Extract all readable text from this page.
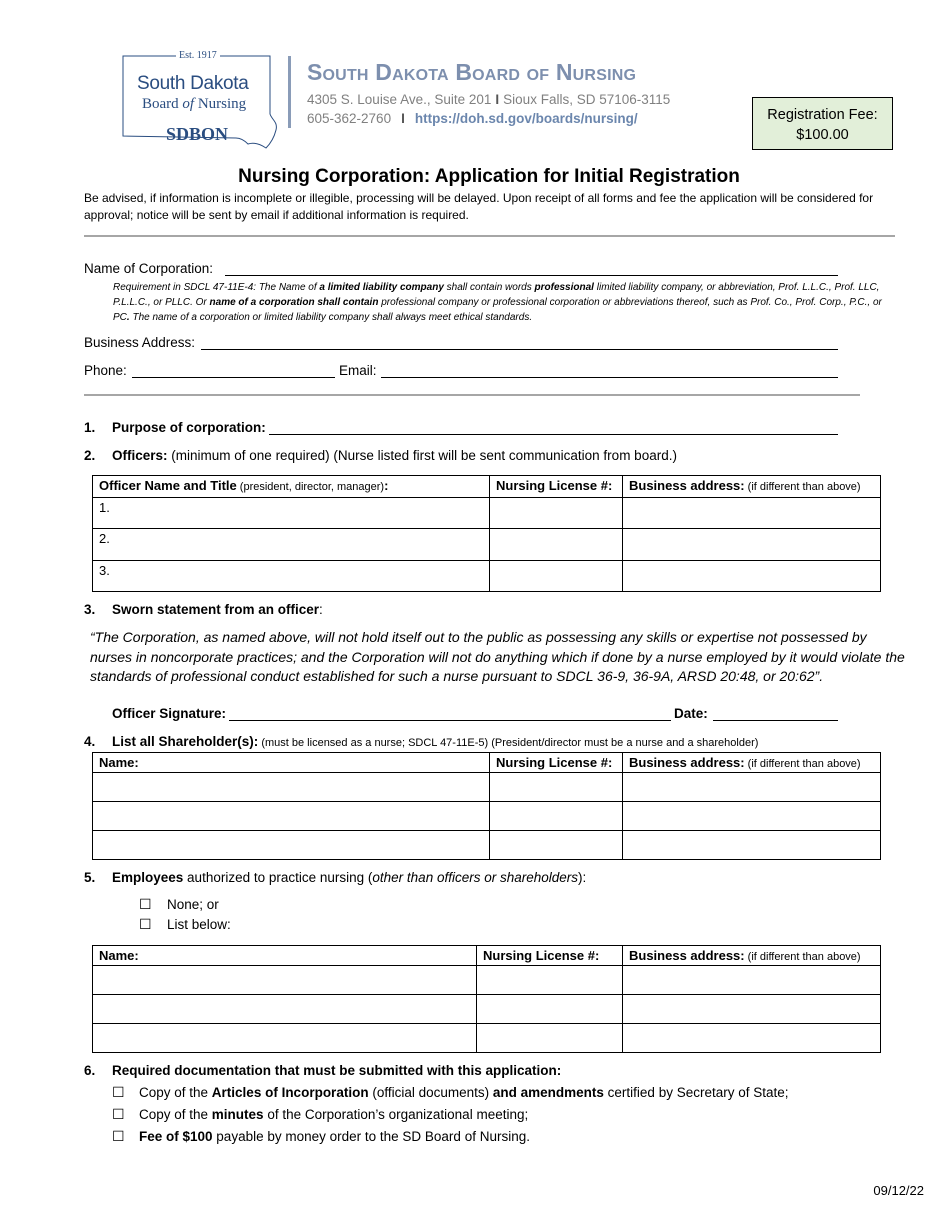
Est. 1917
South Dakota
Board of Nursing
SDBON
South Dakota Board of Nursing
4305 S. Louise Ave., Suite 201 I Sioux Falls, SD 57106-3115
605-362-2760 I https://doh.sd.gov/boards/nursing/	Registration Fee:
$100.00
Nursing Corporation: Application for Initial Registration
Be advised, if information is incomplete or illegible, processing will be delayed. Upon receipt of all forms and fee the application will be considered for approval; notice will be sent by email if additional information is required.
Name of Corporation:
Requirement in SDCL 47-11E-4: The Name of a limited liability company shall contain words professional limited liability company, or abbreviation, Prof. L.L.C., Prof. LLC, P.L.L.C., or PLLC. Or name of a corporation shall contain professional company or professional corporation or abbreviations thereof, such as Prof. Co., Prof. Corp., P.C., or PC. The name of a corporation or limited liability company shall always meet ethical standards.
Business Address:
Phone:	Email:
1. Purpose of corporation:
2. Officers: (minimum of one required) (Nurse listed first will be sent communication from board.)
Officer Name and Title (president, director, manager):	Nursing License #:	Business address: (if different than above)
1.		
2.		
3.		
3. Sworn statement from an officer:
“The Corporation, as named above, will not hold itself out to the public as possessing any skills or expertise not possessed by nurses in noncorporate practices; and the Corporation will not do anything which if done by a nurse employed by it would violate the standards of professional conduct established for such a nurse pursuant to SDCL 36-9, 36-9A, ARSD 20:48, or 20:62”.
Officer Signature:	Date:
4. List all Shareholder(s): (must be licensed as a nurse; SDCL 47-11E-5) (President/director must be a nurse and a shareholder)
Name:	Nursing License #:	Business address: (if different than above)

5. Employees authorized to practice nursing (other than officers or shareholders):
☐ None; or
☐ List below:
Name:	Nursing License #:	Business address: (if different than above)

6. Required documentation that must be submitted with this application:
☐ Copy of the Articles of Incorporation (official documents) and amendments certified by Secretary of State;
☐ Copy of the minutes of the Corporation’s organizational meeting;
☐ Fee of $100 payable by money order to the SD Board of Nursing.
09/12/22
